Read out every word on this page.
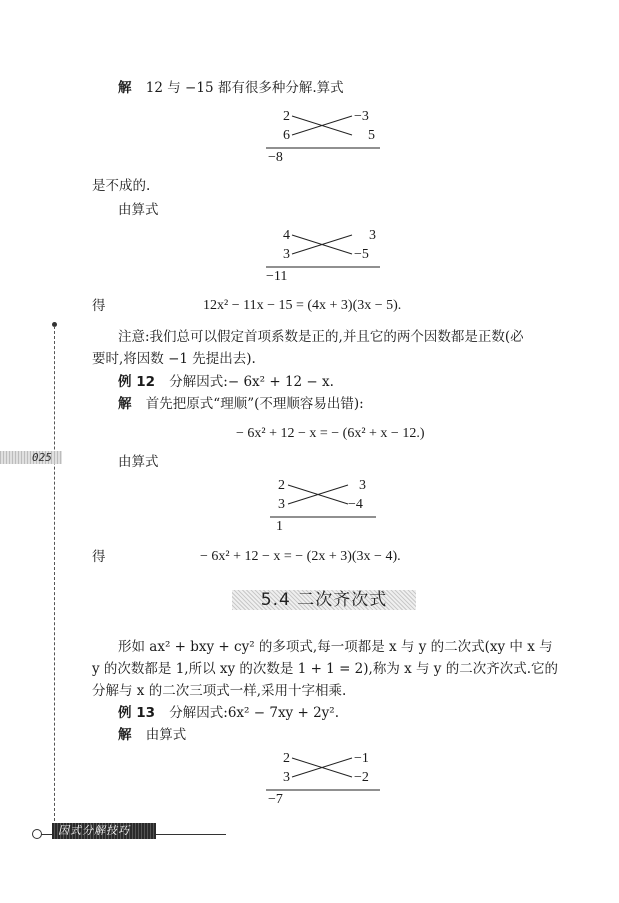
解 12 与 −15 都有很多种分解.算式
2	−3
6	5
−8
是不成的.
由算式
4	3
3	−5
−11
得	12x² − 11x − 15 = (4x + 3)(3x − 5).
注意:我们总可以假定首项系数是正的,并且它的两个因数都是正数(必
要时,将因数 −1 先提出去).
例 12 分解因式:− 6x² + 12 − x.
解 首先把原式“理顺”(不理顺容易出错):
− 6x² + 12 − x = − (6x² + x − 12.)
由算式
2	3
3	−4
1
得	− 6x² + 12 − x = − (2x + 3)(3x − 4).
5.4 二次齐次式
形如 ax² + bxy + cy² 的多项式,每一项都是 x 与 y 的二次式(xy 中 x 与
y 的次数都是 1,所以 xy 的次数是 1 + 1 = 2),称为 x 与 y 的二次齐次式.它的
分解与 x 的二次三项式一样,采用十字相乘.
例 13 分解因式:6x² − 7xy + 2y².
解 由算式
2	−1
3	−2
−7
025
因式分解技巧
